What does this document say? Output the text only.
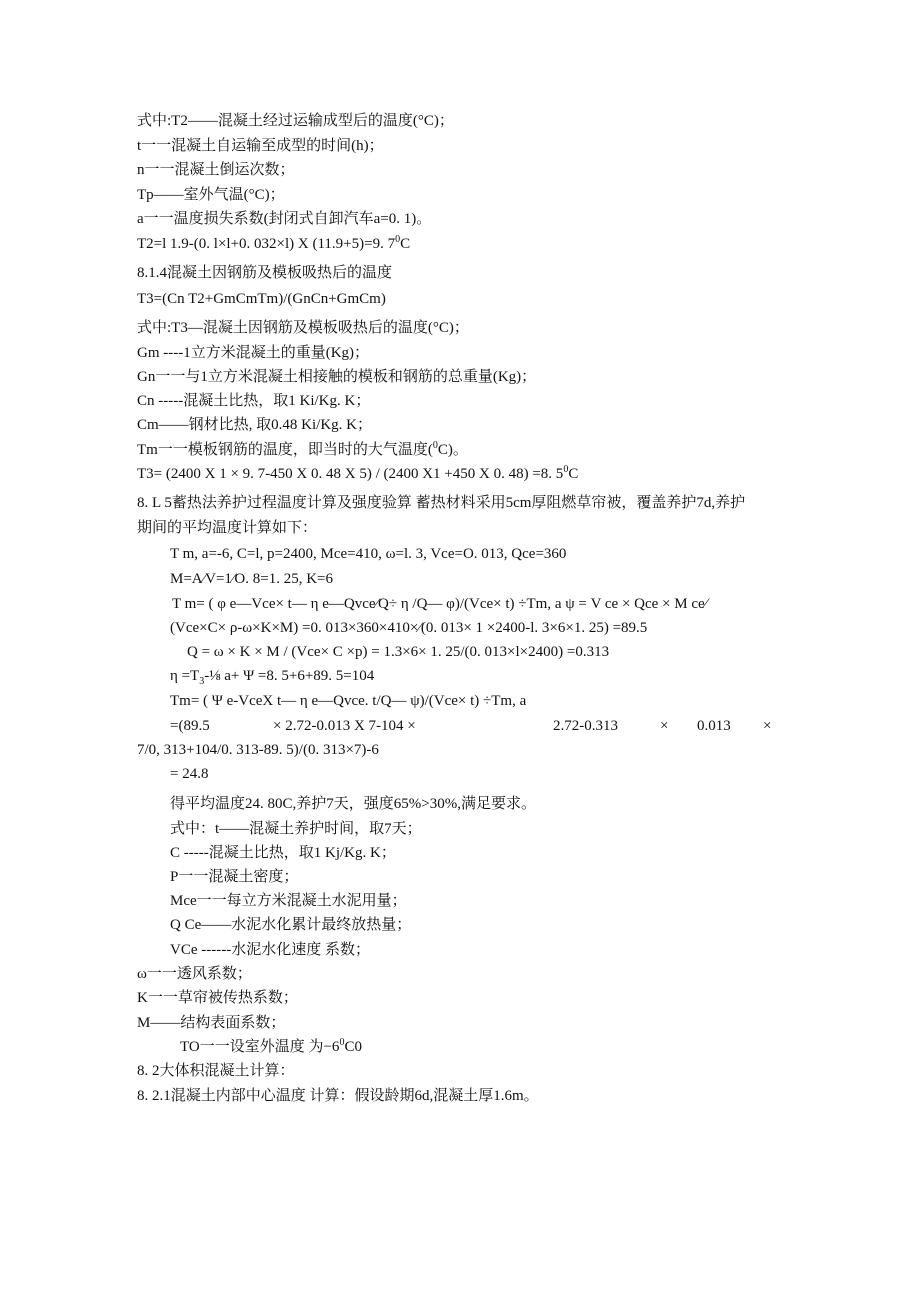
式中:T2——混凝土经过运输成型后的温度(°C)；
t一一混凝土自运输至成型的时间(h)；
n一一混凝土倒运次数；
Tp——室外气温(°C)；
a一一温度损失系数(封闭式自卸汽车a=0. 1)。
T2=l 1.9-(0. l×l+0. 032×l) X (11.9+5)=9. $7^0C$
8.1.4混凝土因钢筋及模板吸热后的温度
T3=(Cn T2+GmCmTm)/(GnCn+GmCm)
式中:T3—混凝土因钢筋及模板吸热后的温度(°C)；
Gm ----1立方米混凝土的重量(Kg)；
Gn一一与1立方米混凝土相接触的模板和钢筋的总重量(Kg)；
Cn -----混凝土比热，取1 Ki/Kg. K；
Cm——钢材比热, 取0.48 Ki/Kg. K；
Tm一一模板钢筋的温度，即当时的大气温度($^0$C)。
T3= (2400 X 1 × 9. 7-450 X 0. 48 X 5) / (2400 X1 +450 X 0. 48) =8. $5^0C$
8. L 5蓄热法养护过程温度计算及强度验算 蓄热材料采用5cm厚阻燃草帘被，覆盖养护7d,养护
期间的平均温度计算如下：
T m, a=-6, C=l, p=2400, Mce=410, ω=l. 3, Vce=O. 013, Qce=360
M=A⁄V=1⁄O. 8=1. 25, K=6
T m= ( φ e—Vce× t— η e—Qvce⁄Q÷ η /Q— φ)/(Vce× t) ÷Tm, a ψ = V ce × Qce × M ce⁄
(Vce×C× ρ-ω×K×M) =0. 013×360×410×⁄(0. 013× 1 ×2400-l. 3×6×1. 25) =89.5
Q = ω × K × M / (Vce× C ×p) = 1.3×6× 1. 25/(0. 013×l×2400) =0.313
$\eta =T_3-\frac{1}{8}$ a+ Ψ =8. 5+6+89. 5=104
Tm= ( Ψ e-VceX t— η e—Qvce. t/Q— ψ)/(Vce× t) ÷Tm, a
=(89.5	× 2.72-0.013 X 7-104 ×	2.72-0.313	× 0.013 ×
7/0, 313+104/0. 313-89. 5)/(0. 313×7)-6
= 24.8
得平均温度24. 80C,养护7天，强度65%>30%,满足要求。
式中：t——混凝土养护时间，取7天；
C -----混凝土比热，取1 Kj/Kg. K；
P一一混凝土密度；
Mce一一每立方米混凝土水泥用量；
Q Ce——水泥水化累计最终放热量；
VCe ------水泥水化速度 系数；
ω一一透风系数；
K一一草帘被传热系数；
M——结构表面系数；
TO一一设室外温度 为$-6^0C0$
8. 2大体积混凝土计算：
8. 2.1混凝土内部中心温度 计算：假设龄期6d,混凝土厚1.6m。
